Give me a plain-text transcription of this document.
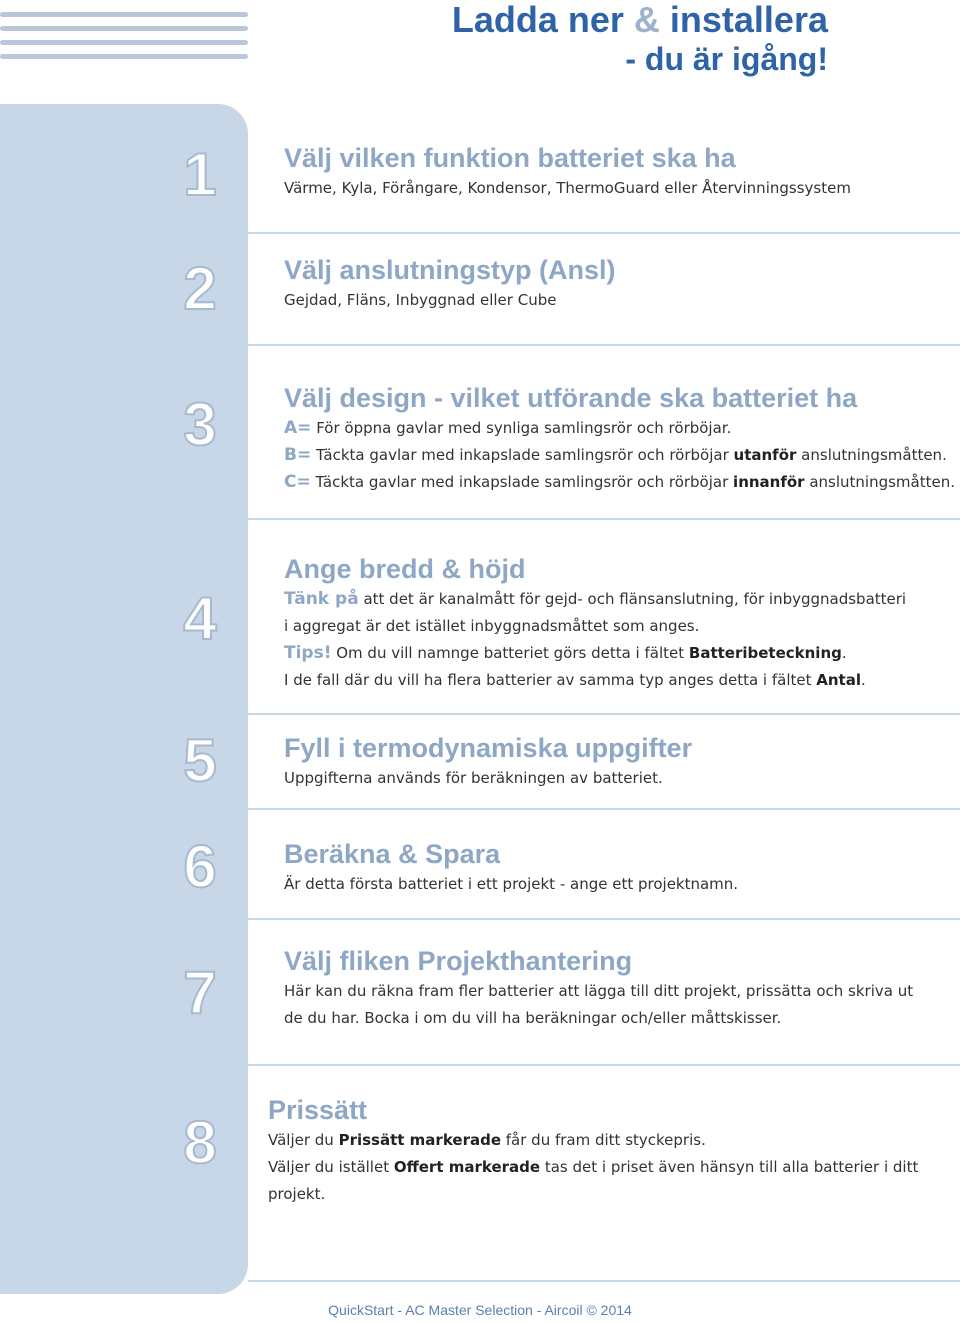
Ladda ner & installera
- du är igång!
1
2
3
4
5
6
7
8
Välj vilken funktion batteriet ska ha

Värme, Kyla, Förångare, Kondensor, ThermoGuard eller Återvinningssystem

Välj anslutningstyp (Ansl)

Gejdad, Fläns, Inbyggnad eller Cube

Välj design - vilket utförande ska batteriet ha

A= För öppna gavlar med synliga samlingsrör och rörböjar.

B= Täckta gavlar med inkapslade samlingsrör och rörböjar utanför anslutningsmåtten.

C= Täckta gavlar med inkapslade samlingsrör och rörböjar innanför anslutningsmåtten.

Ange bredd & höjd

Tänk på att det är kanalmått för gejd- och flänsanslutning, för inbyggnadsbatteri

i aggregat är det istället inbyggnadsmåttet som anges.

Tips! Om du vill namnge batteriet görs detta i fältet Batteribeteckning.

I de fall där du vill ha flera batterier av samma typ anges detta i fältet Antal.

Fyll i termodynamiska uppgifter

Uppgifterna används för beräkningen av batteriet.

Beräkna & Spara

Är detta första batteriet i ett projekt - ange ett projektnamn.

Välj fliken Projekthantering

Här kan du räkna fram fler batterier att lägga till ditt projekt, prissätta och skriva ut

de du har. Bocka i om du vill ha beräkningar och/eller måttskisser.

Prissätt

Väljer du Prissätt markerade får du fram ditt styckepris.

Väljer du istället Offert markerade tas det i priset även hänsyn till alla batterier i ditt projekt.

QuickStart - AC Master Selection - Aircoil © 2014
